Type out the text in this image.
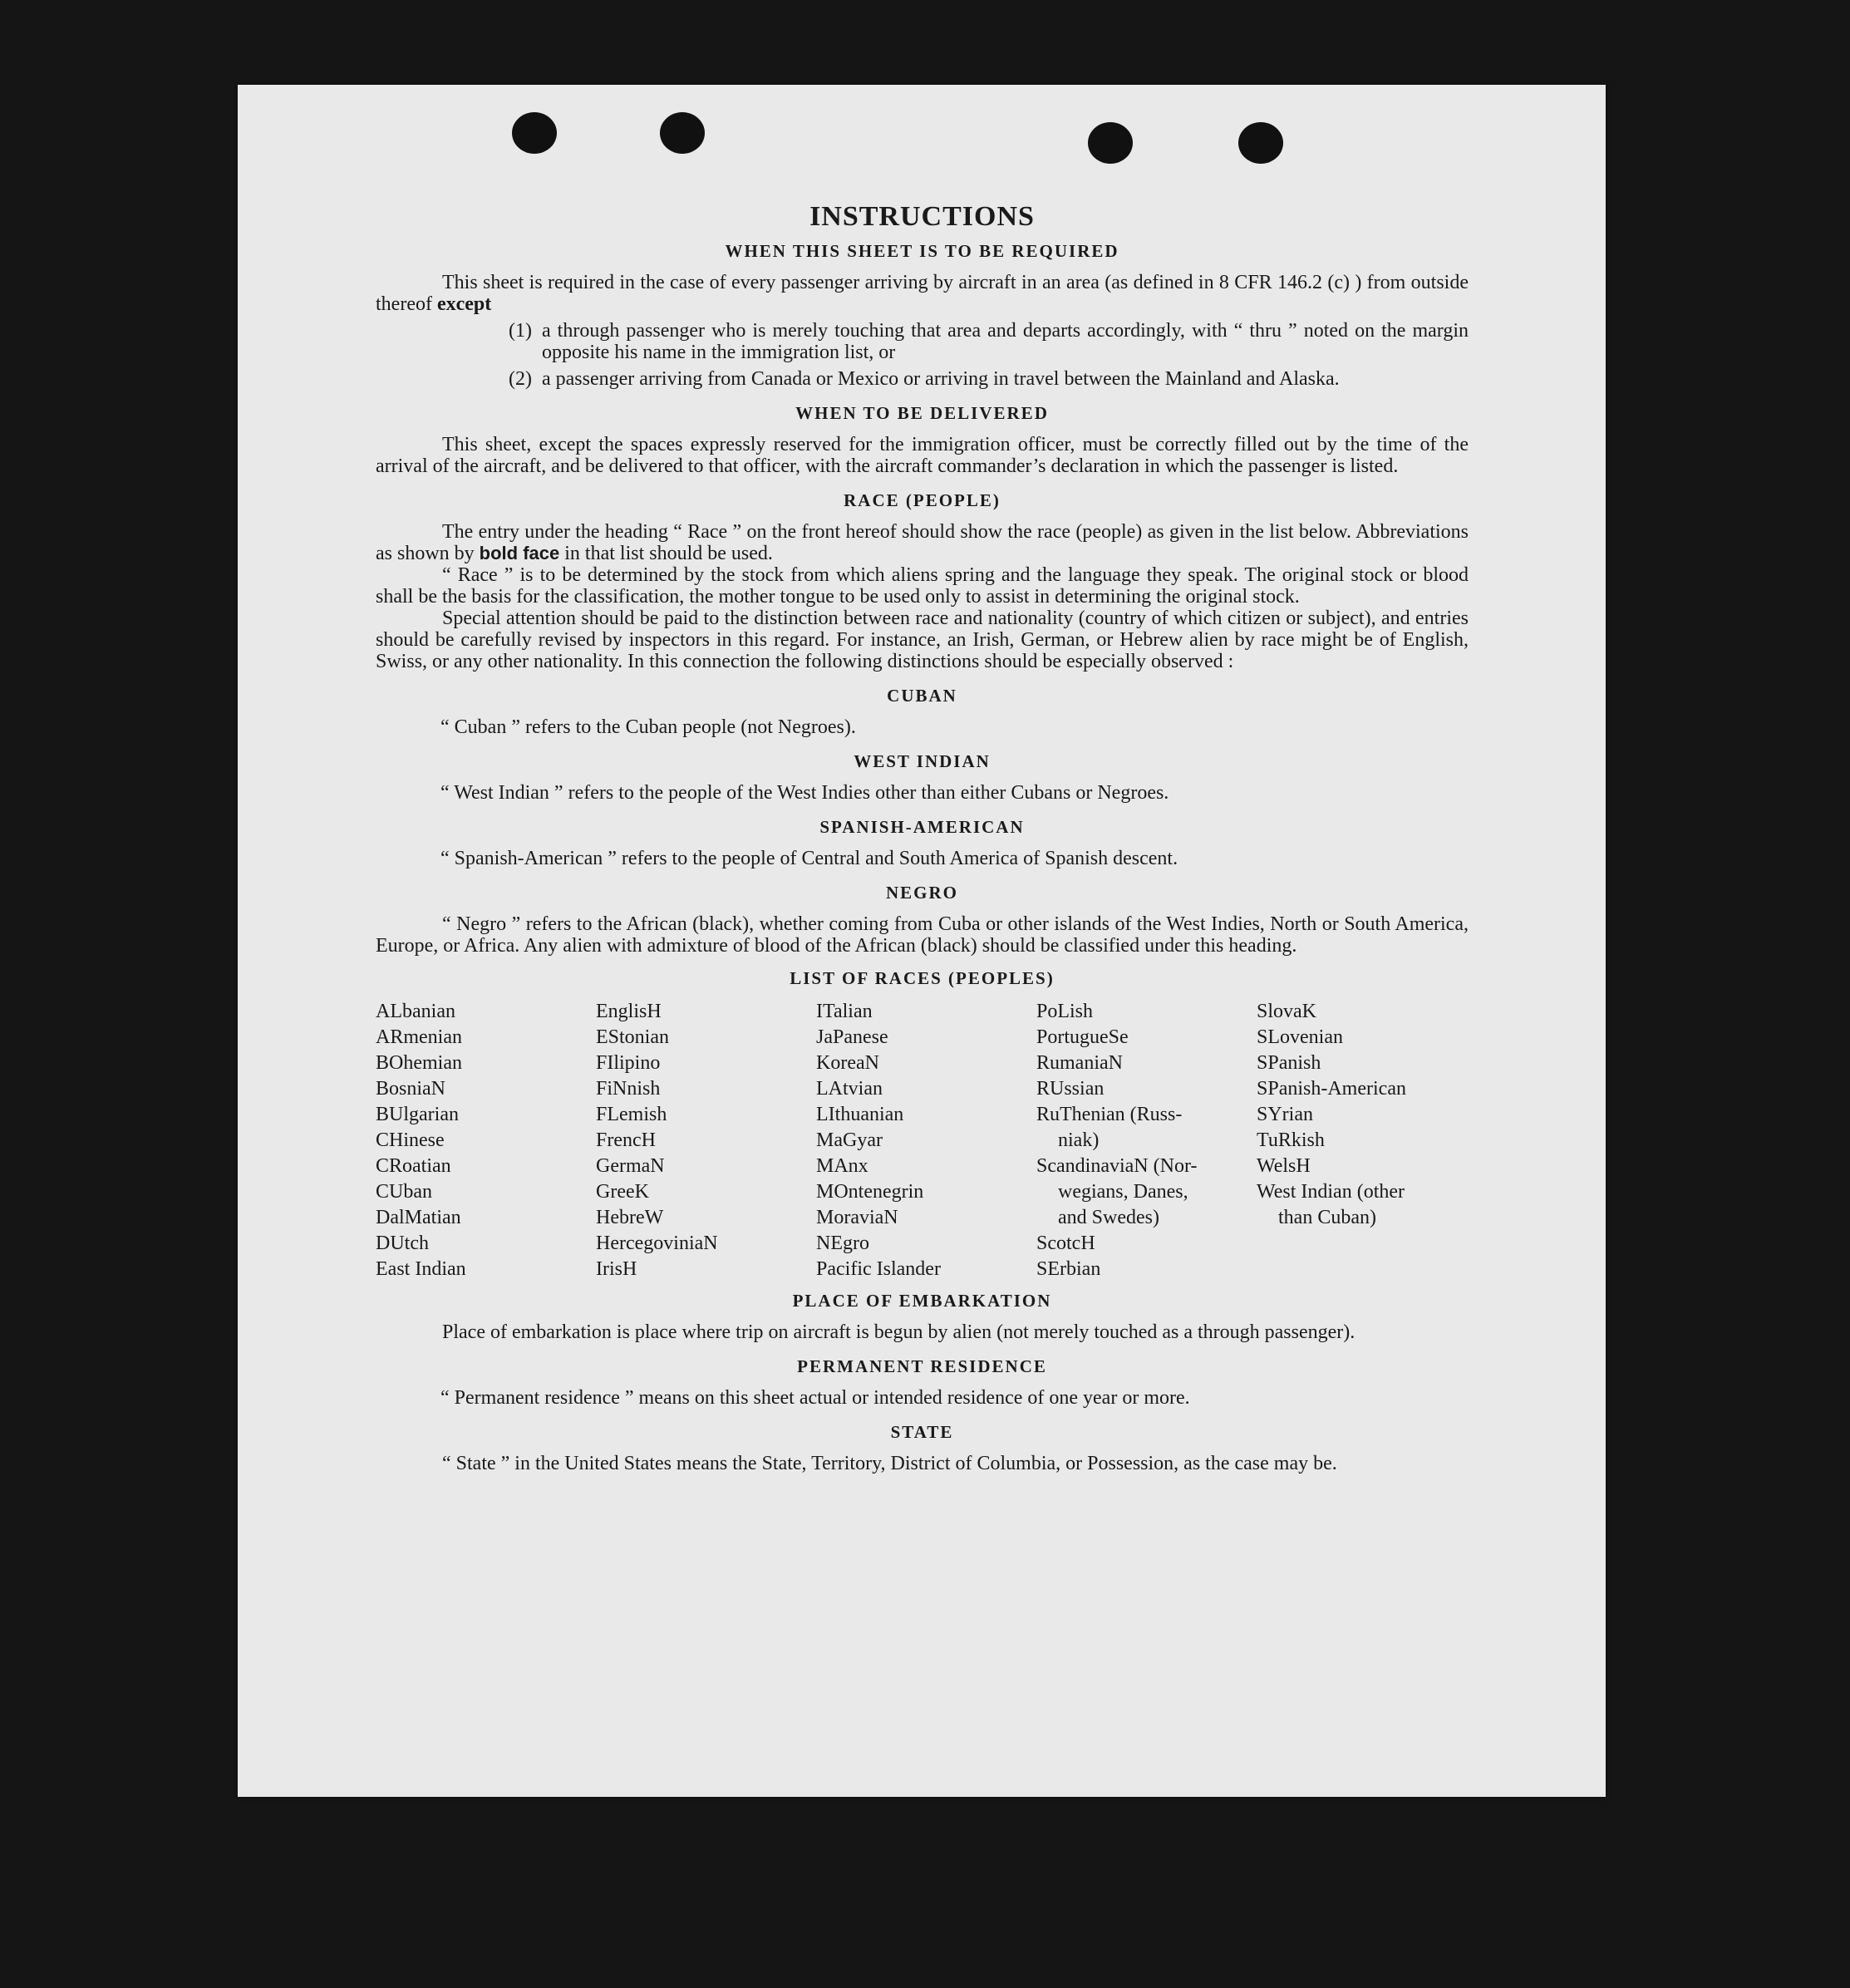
INSTRUCTIONS
WHEN THIS SHEET IS TO BE REQUIRED

This sheet is required in the case of every passenger arriving by aircraft in an area (as defined in 8 CFR 146.2 (c) ) from outside thereof except

(1) a through passenger who is merely touching that area and departs accordingly, with “ thru ” noted on the margin opposite his name in the immigration list, or
(2) a passenger arriving from Canada or Mexico or arriving in travel between the Mainland and Alaska.
WHEN TO BE DELIVERED

This sheet, except the spaces expressly reserved for the immigration officer, must be correctly filled out by the time of the arrival of the aircraft, and be delivered to that officer, with the aircraft commander’s declaration in which the passenger is listed.

RACE (PEOPLE)

The entry under the heading “ Race ” on the front hereof should show the race (people) as given in the list below. Abbreviations as shown by bold face in that list should be used.

“ Race ” is to be determined by the stock from which aliens spring and the language they speak. The original stock or blood shall be the basis for the classification, the mother tongue to be used only to assist in determining the original stock.

Special attention should be paid to the distinction between race and nationality (country of which citizen or subject), and entries should be carefully revised by inspectors in this regard. For instance, an Irish, German, or Hebrew alien by race might be of English, Swiss, or any other nationality. In this connection the following distinctions should be especially observed :

CUBAN

“ Cuban ” refers to the Cuban people (not Negroes).

WEST INDIAN

“ West Indian ” refers to the people of the West Indies other than either Cubans or Negroes.

SPANISH-AMERICAN

“ Spanish-American ” refers to the people of Central and South America of Spanish descent.

NEGRO

“ Negro ” refers to the African (black), whether coming from Cuba or other islands of the West Indies, North or South America, Europe, or Africa. Any alien with admixture of blood of the African (black) should be classified under this heading.

LIST OF RACES (PEOPLES)
ALbanian
ARmenian
BOhemian
BosniaN
BUlgarian
CHinese
CRoatian
CUban
DalMatian
DUtch
East Indian
EnglisH
EStonian
FIlipino
FiNnish
FLemish
FrencH
GermaN
GreeK
HebreW
HercegoviniaN
IrisH
ITalian
JaPanese
KoreaN
LAtvian
LIthuanian
MaGyar
MAnx
MOntenegrin
MoraviaN
NEgro
Pacific Islander
PoLish
PortugueSe
RumaniaN
RUssian
RuThenian (Russ-
niak)
ScandinaviaN (Nor-
wegians, Danes,
and Swedes)
ScotcH
SErbian
SlovaK
SLovenian
SPanish
SPanish-American
SYrian
TuRkish
WelsH
West Indian (other
than Cuban)
PLACE OF EMBARKATION

Place of embarkation is place where trip on aircraft is begun by alien (not merely touched as a through passenger).

PERMANENT RESIDENCE

“ Permanent residence ” means on this sheet actual or intended residence of one year or more.

STATE

“ State ” in the United States means the State, Territory, District of Columbia, or Possession, as the case may be.
